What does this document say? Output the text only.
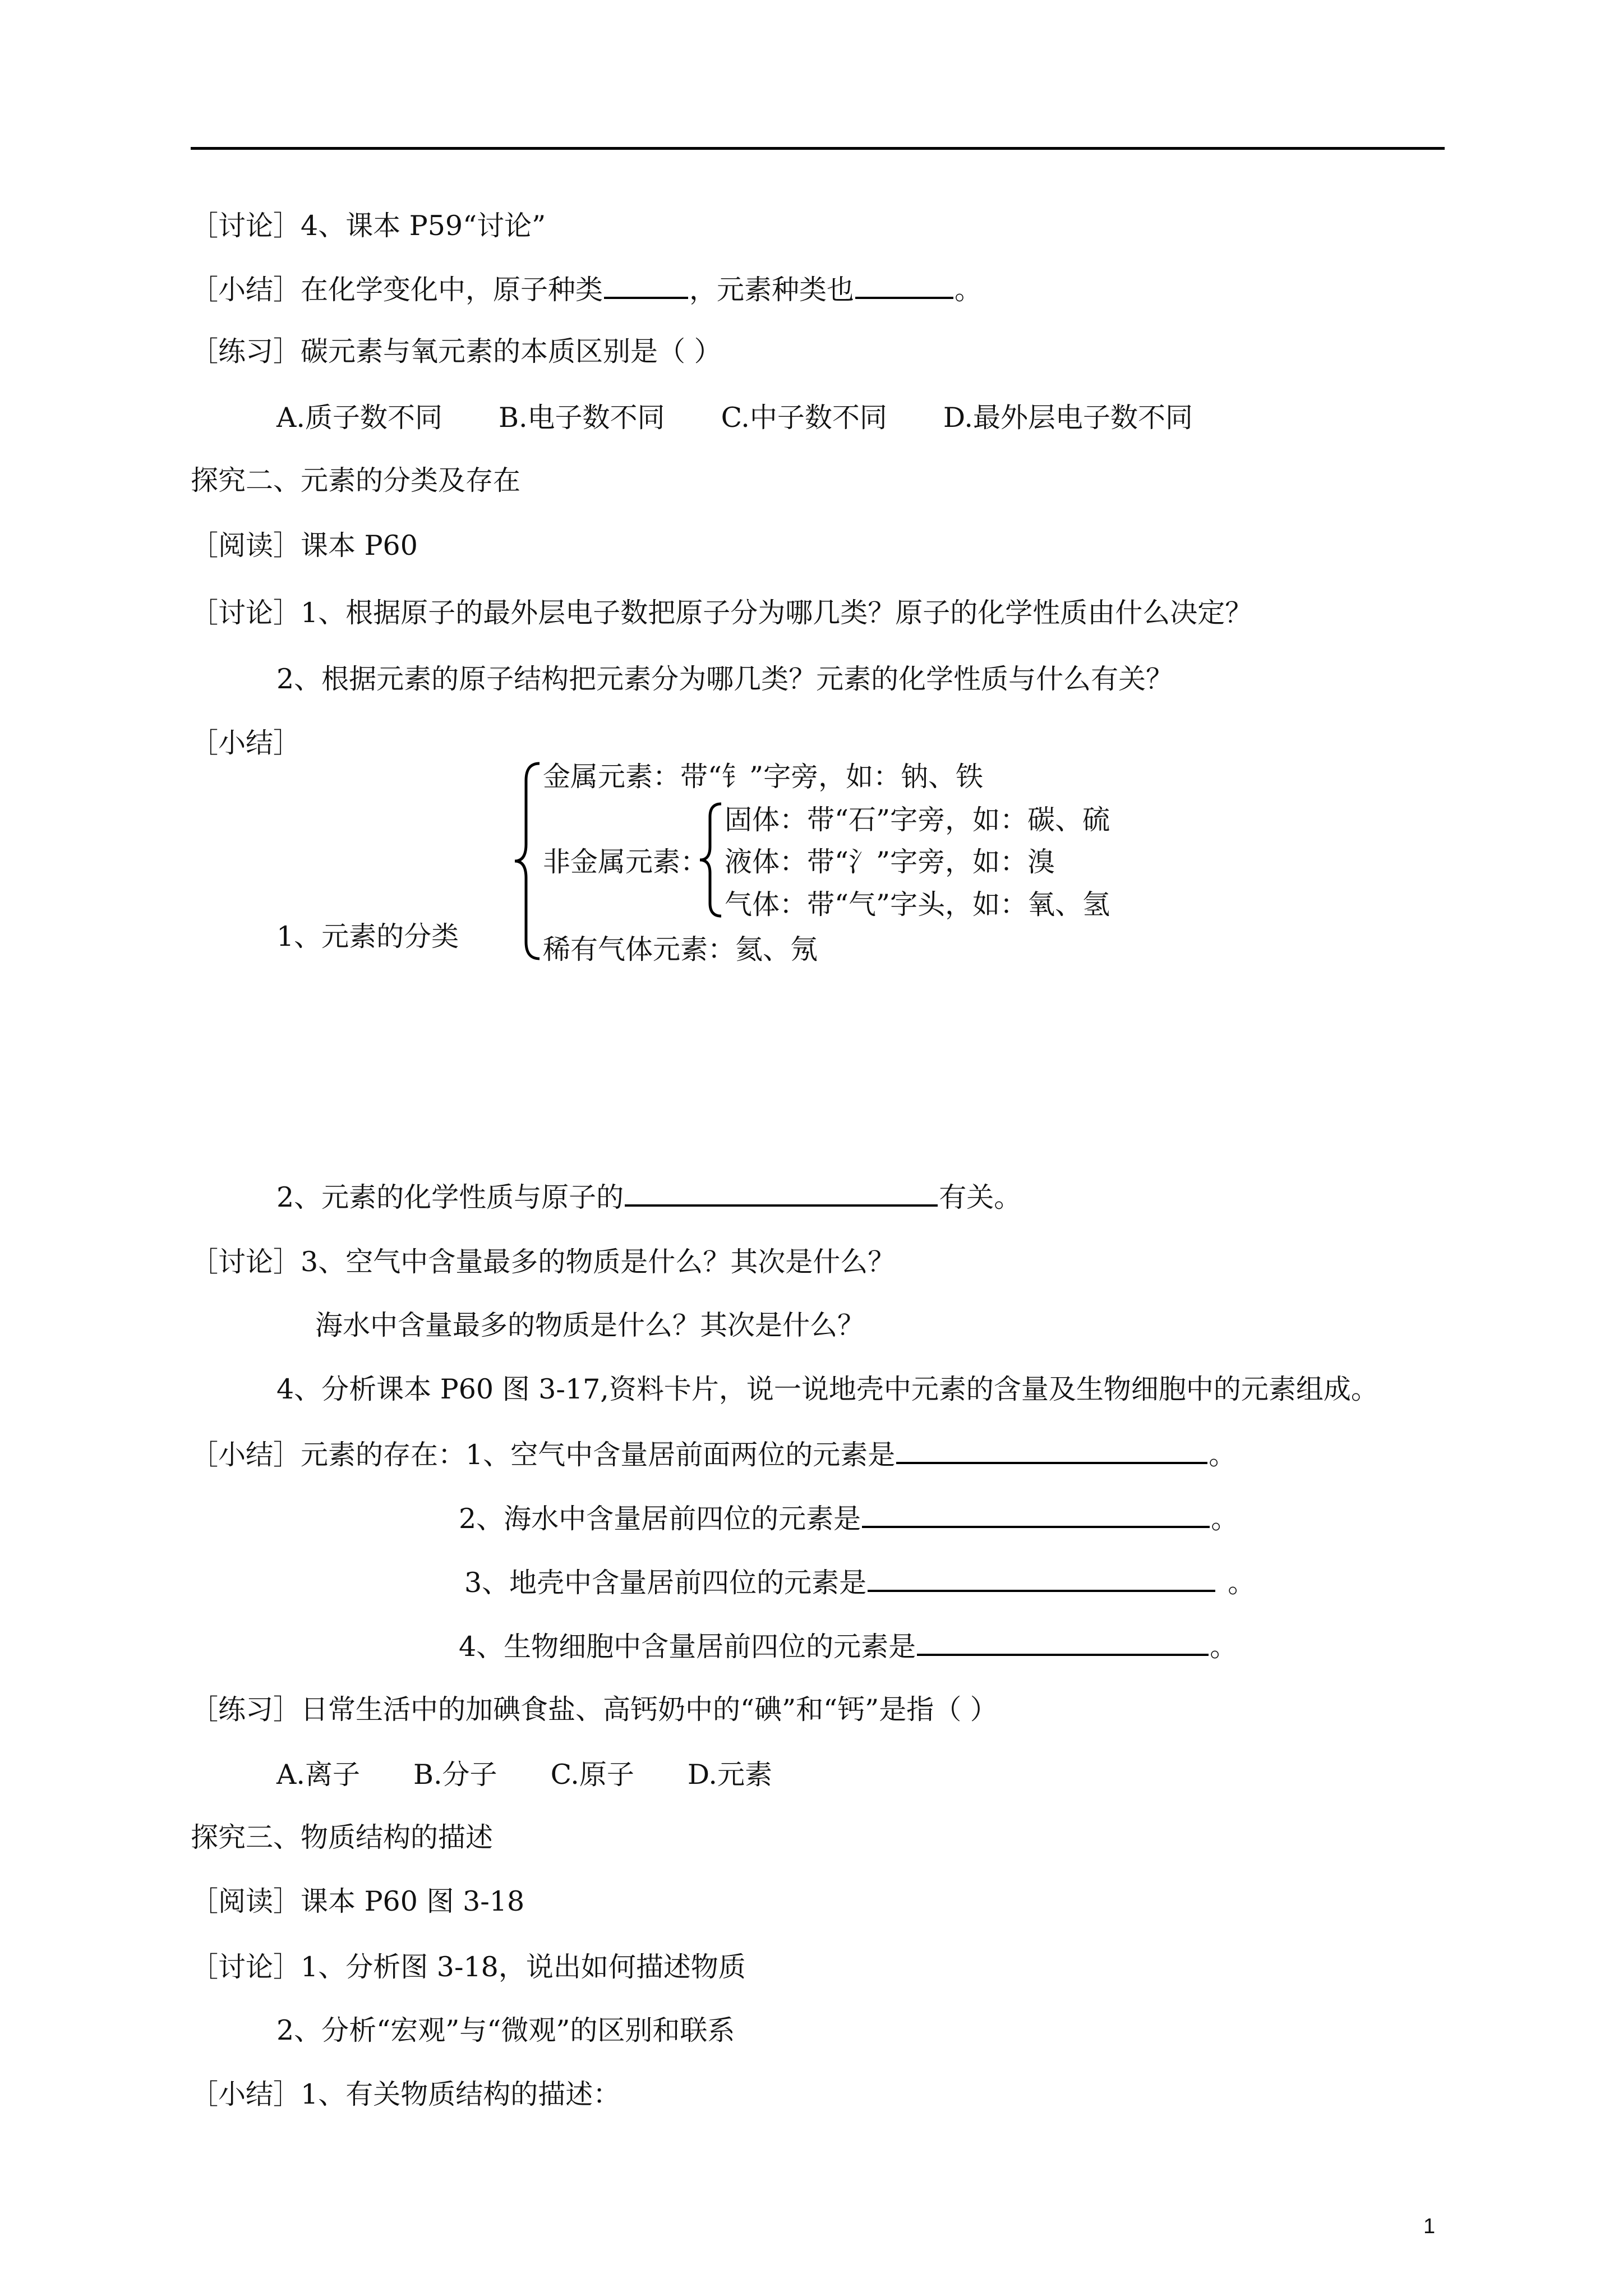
［讨论］4、课本 P59“讨论”
［小结］在化学变化中，原子种类	，元素种类也	。
［练习］碳元素与氧元素的本质区别是（ ）
A.质子数不同 B.电子数不同 C.中子数不同 D.最外层电子数不同
探究二、元素的分类及存在
［阅读］课本 P60
［讨论］1、根据原子的最外层电子数把原子分为哪几类？原子的化学性质由什么决定？
2、根据元素的原子结构把元素分为哪几类？元素的化学性质与什么有关？
［小结］
1、元素的分类
金属元素：带“钅”字旁，如：钠、铁
非金属元素：
稀有气体元素：氦、氖
固体：带“石”字旁，如：碳、硫
液体：带“氵”字旁，如：溴
气体：带“气”字头，如：氧、氢
2、元素的化学性质与原子的	有关。
［讨论］3、空气中含量最多的物质是什么？其次是什么？
海水中含量最多的物质是什么？其次是什么？
4、分析课本 P60 图 3-17,资料卡片，说一说地壳中元素的含量及生物细胞中的元素组成。
［小结］元素的存在：1、空气中含量居前面两位的元素是	。
2、海水中含量居前四位的元素是	。
3、地壳中含量居前四位的元素是	。
4、生物细胞中含量居前四位的元素是	。
［练习］日常生活中的加碘食盐、高钙奶中的“碘”和“钙”是指（ ）
A.离子 B.分子 C.原子 D.元素
探究三、物质结构的描述
［阅读］课本 P60 图 3-18
［讨论］1、分析图 3-18，说出如何描述物质
2、分析“宏观”与“微观”的区别和联系
［小结］1、有关物质结构的描述：
1
